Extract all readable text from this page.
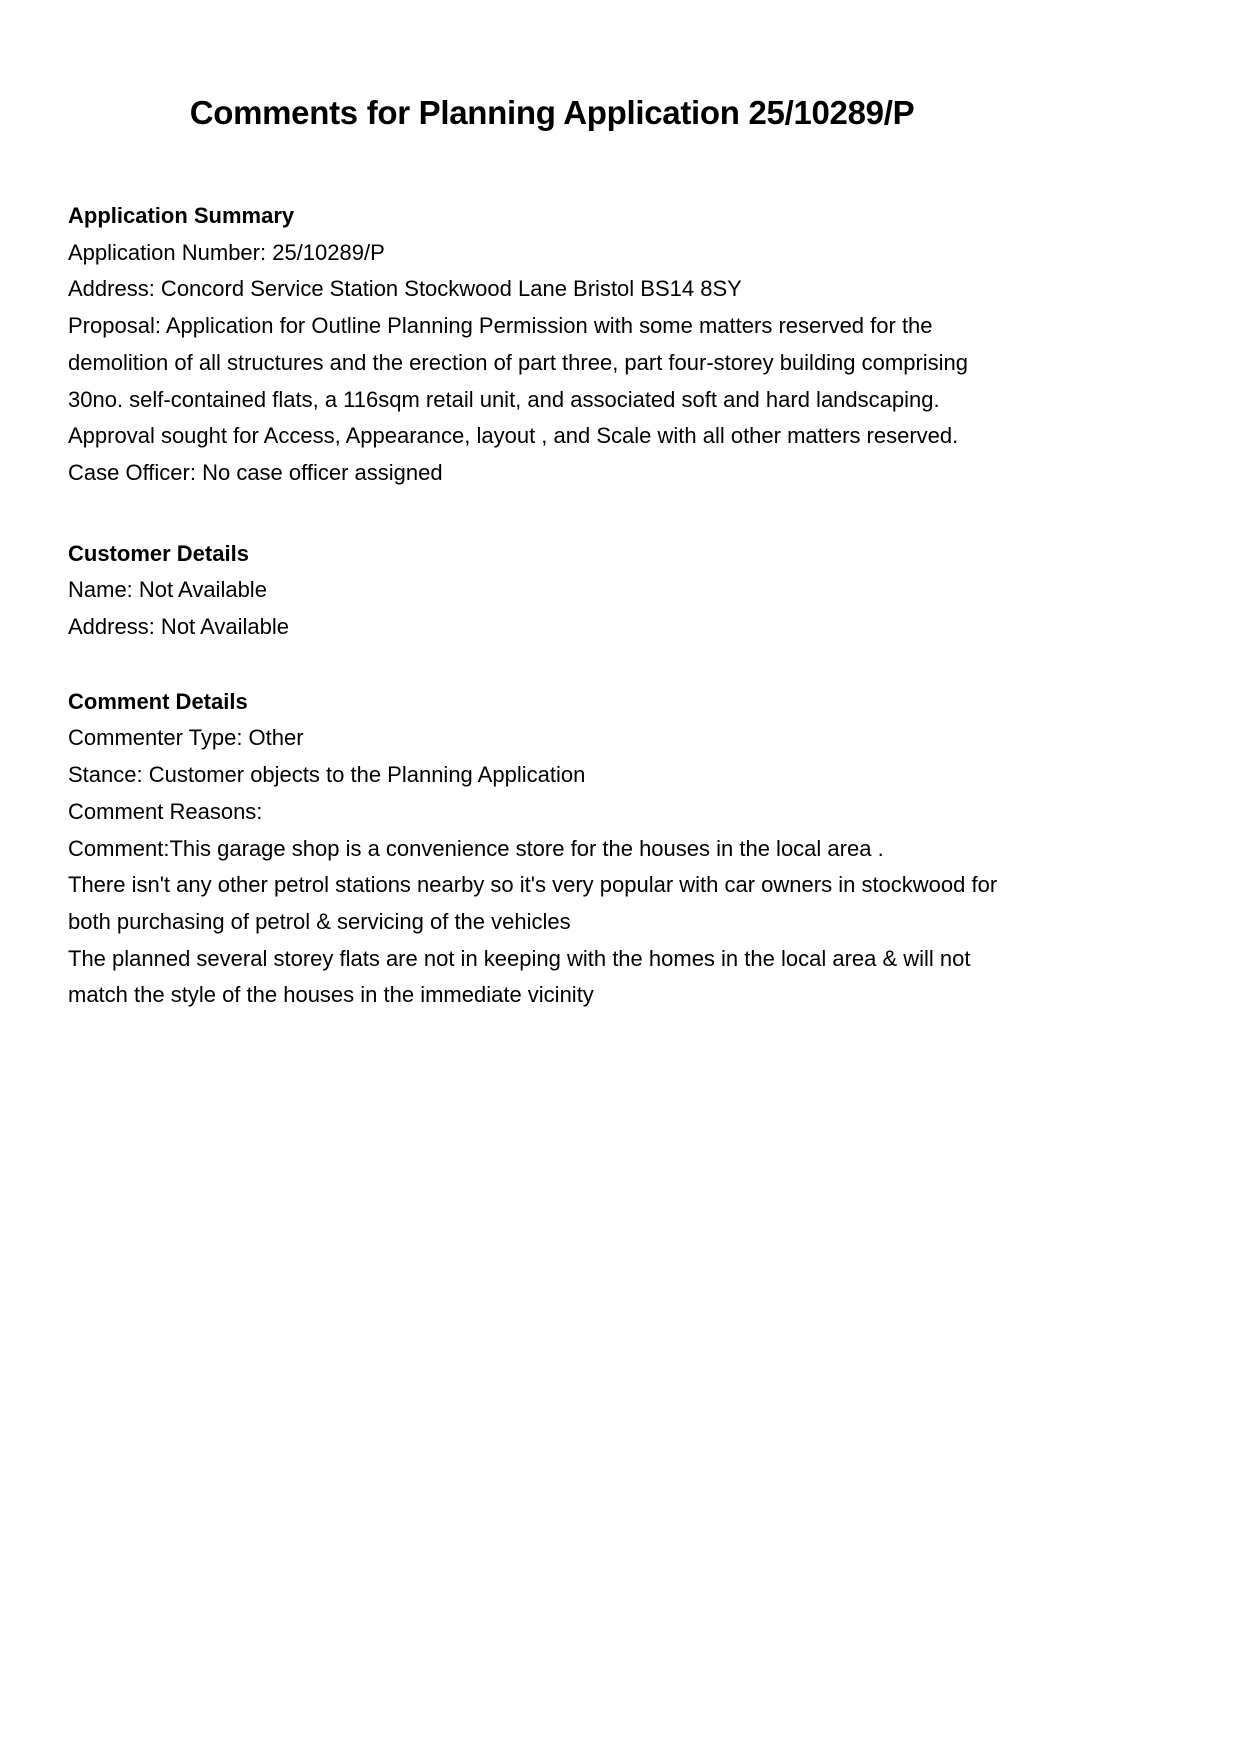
Comments for Planning Application 25/10289/P
Application Summary
Application Number: 25/10289/P
Address: Concord Service Station Stockwood Lane Bristol BS14 8SY
Proposal: Application for Outline Planning Permission with some matters reserved for the
demolition of all structures and the erection of part three, part four-storey building comprising
30no. self-contained flats, a 116sqm retail unit, and associated soft and hard landscaping.
Approval sought for Access, Appearance, layout , and Scale with all other matters reserved.
Case Officer: No case officer assigned
Customer Details
Name: Not Available
Address: Not Available
Comment Details
Commenter Type: Other
Stance: Customer objects to the Planning Application
Comment Reasons:
Comment:This garage shop is a convenience store for the houses in the local area .
There isn't any other petrol stations nearby so it's very popular with car owners in stockwood for
both purchasing of petrol & servicing of the vehicles
The planned several storey flats are not in keeping with the homes in the local area & will not
match the style of the houses in the immediate vicinity
